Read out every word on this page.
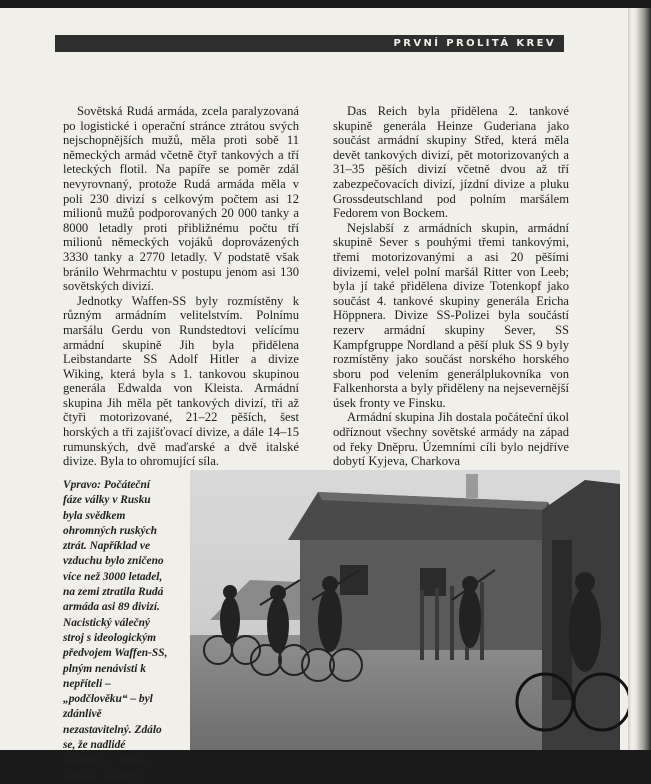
PRVNÍ PROLITÁ KREV

Sovětská Rudá armáda, zcela paralyzovaná po logistické i operační stránce ztrátou svých nejschopnějších mužů, měla proti sobě 11 německých armád včetně čtyř tankových a tří leteckých flotil. Na papíře se poměr zdál nevyrovnaný, protože Rudá armáda měla v poli 230 divizí s celkovým počtem asi 12 milionů mužů podporovaných 20 000 tanky a 8000 letadly proti přibližnému počtu tří milionů německých vojáků doprovázených 3330 tanky a 2770 letadly. V podstatě však bránilo Wehrmachtu v postupu jenom asi 130 sovětských divizí.

Jednotky Waffen-SS byly rozmístěny k různým armádním velitelstvím. Polnímu maršálu Gerdu von Rundstedtovi velícímu armádní skupině Jih byla přidělena Leibstandarte SS Adolf Hitler a divize Wiking, která byla s 1. tankovou skupinou generála Edwalda von Kleista. Armádní skupina Jih měla pět tankových divizí, tři až čtyři motorizované, 21–22 pěších, šest horských a tři zajišťovací divize, a dále 14–15 rumunských, dvě maďarské a dvě italské divize. Byla to ohromující síla.

Das Reich byla přidělena 2. tankové skupině generála Heinze Guderiana jako součást armádní skupiny Střed, která měla devět tankových divizí, pět motorizovaných a 31–35 pěších divizí včetně dvou až tří zabezpečovacích divizí, jízdní divize a pluku Grossdeutschland pod polním maršálem Fedorem von Bockem.

Nejslabší z armádních skupin, armádní skupině Sever s pouhými třemi tankovými, třemi motorizovanými a asi 20 pěšími divizemi, velel polní maršál Ritter von Leeb; byla jí také přidělena divize Totenkopf jako součást 4. tankové skupiny generála Ericha Höppnera. Divize SS-Polizei byla součástí rezerv armádní skupiny Sever, SS Kampfgruppe Nordland a pěší pluk SS 9 byly rozmístěny jako součást norského horského sboru pod velením generálplukovníka von Falkenhorsta a byly přiděleny na nejsevernější úsek fronty ve Finsku.

Armádní skupina Jih dostala počáteční úkol odříznout všechny sovětské armády na západ od řeky Dněpru. Územními cíli bylo nejdříve dobytí Kyjeva, Charkova

Vpravo: Počáteční fáze války v Rusku byla svědkem ohromných ruských ztrát. Například ve vzduchu bylo zničeno více než 3000 letadel, na zemi ztratila Rudá armáda asi 89 divizí. Nacistický válečný stroj s ideologickým předvojem Waffen-SS, plným nenávisti k nepříteli – „podčlověku“ – byl zdánlivě nezastavitelný. Zdálo se, že nadlidé dosáhnou v Rusku dalšího snadného
